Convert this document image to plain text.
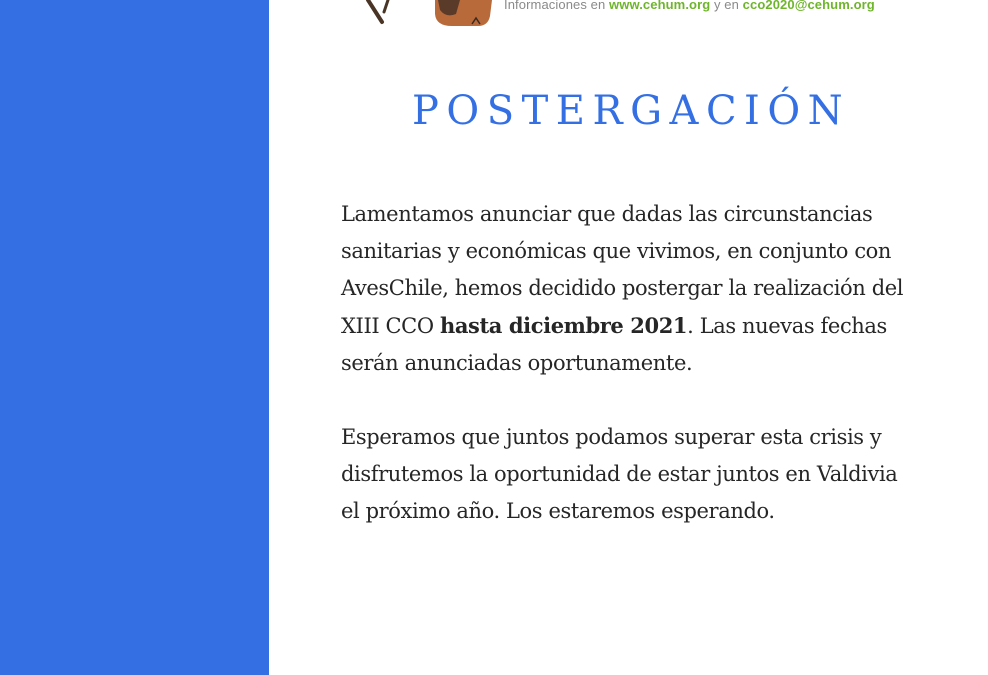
Informaciones en www.cehum.org y en cco2020@cehum.org
POSTERGACIÓN

Lamentamos anunciar que dadas las circunstancias sanitarias y económicas que vivimos, en conjunto con AvesChile, hemos decidido postergar la realización del XIII CCO hasta diciembre 2021. Las nuevas fechas serán anunciadas oportunamente.

Esperamos que juntos podamos superar esta crisis y disfrutemos la oportunidad de estar juntos en Valdivia el próximo año. Los estaremos esperando.
